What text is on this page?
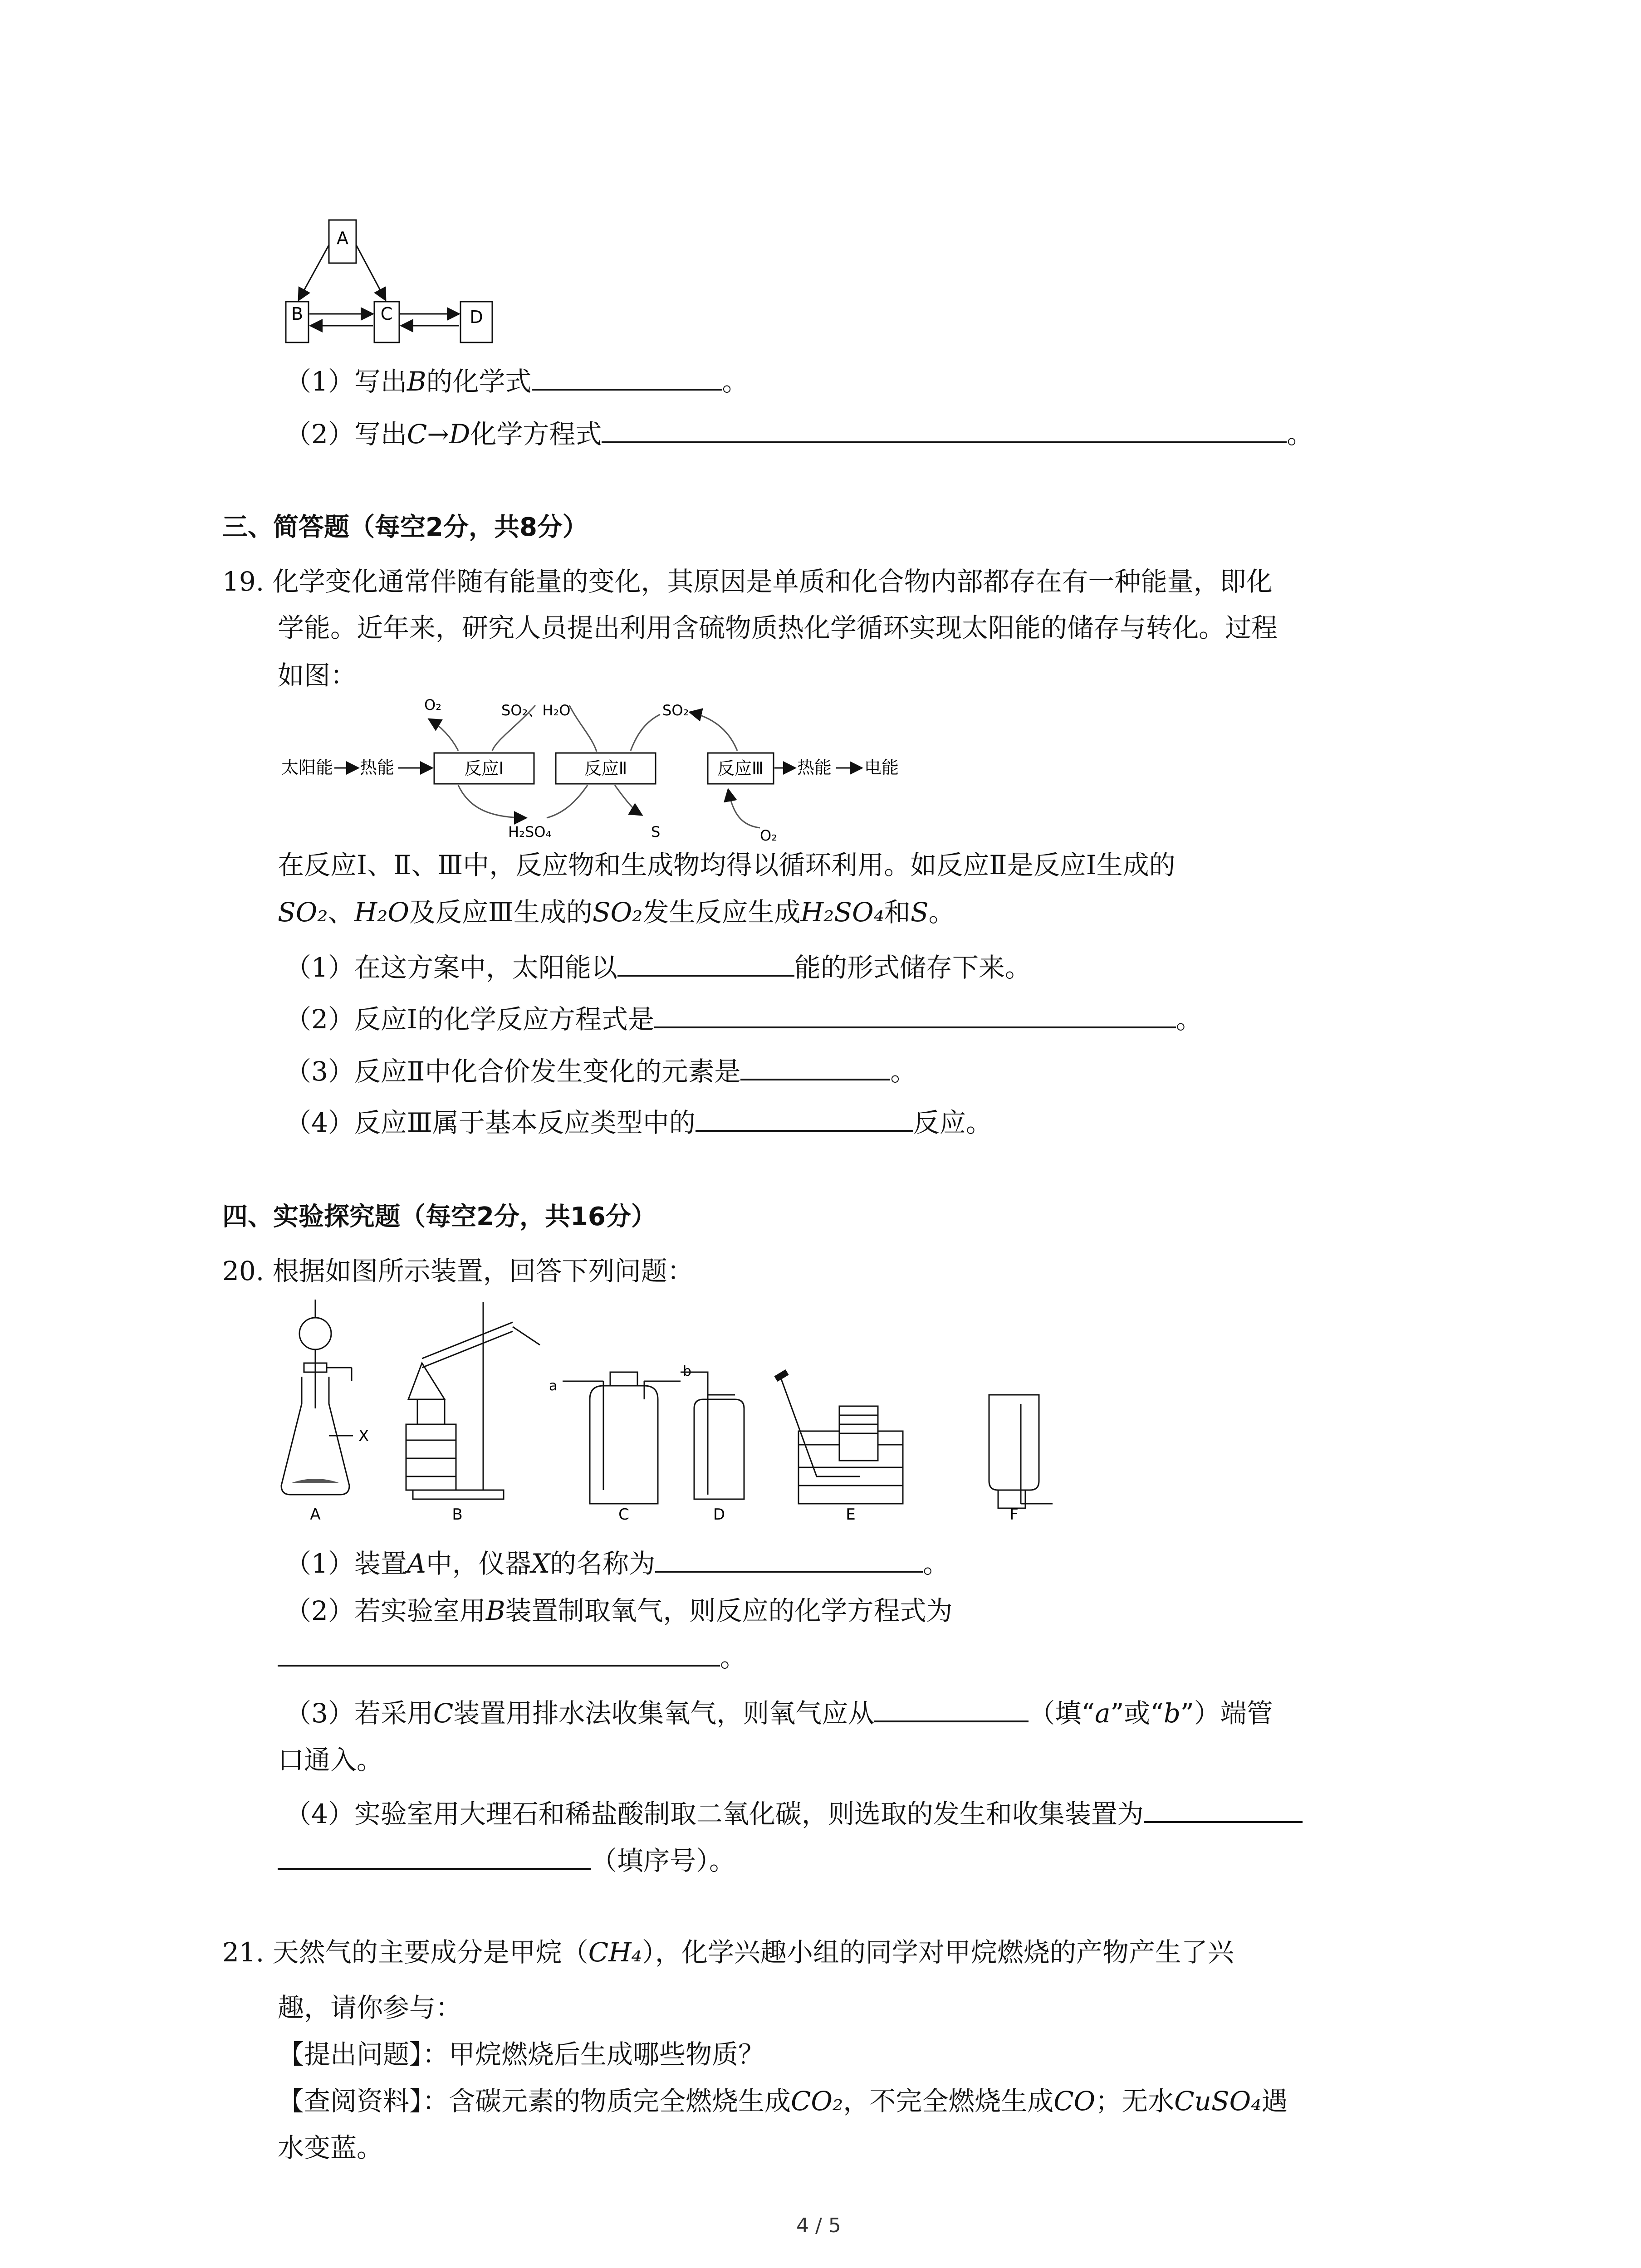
A
B	C	D
（1）写出B的化学式	。
（2）写出C→D化学方程式	。
三、简答题（每空2分，共8分）
19. 化学变化通常伴随有能量的变化，其原因是单质和化合物内部都存在有一种能量，即化
学能。近年来，研究人员提出利用含硫物质热化学循环实现太阳能的储存与转化。过程
如图：
太阳能 热能	反应Ⅰ	反应Ⅱ	反应Ⅲ 热能 电能
O₂	SO₂、H₂O	SO₂
H₂SO₄	S	O₂
在反应Ⅰ、Ⅱ、Ⅲ中，反应物和生成物均得以循环利用。如反应Ⅱ是反应Ⅰ生成的
SO₂、H₂O及反应Ⅲ生成的SO₂发生反应生成H₂SO₄和S。
（1）在这方案中，太阳能以	能的形式储存下来。
（2）反应Ⅰ的化学反应方程式是	。
（3）反应Ⅱ中化合价发生变化的元素是	。
（4）反应Ⅲ属于基本反应类型中的	反应。
四、实验探究题（每空2分，共16分）
20. 根据如图所示装置，回答下列问题：
X
A
a
B
b
C	D	E	F
（1）装置A中，仪器X的名称为	。
（2）若实验室用B装置制取氧气，则反应的化学方程式为
。
（3）若采用C装置用排水法收集氧气，则氧气应从	（填“a”或“b”）端管
口通入。
（4）实验室用大理石和稀盐酸制取二氧化碳，则选取的发生和收集装置为
（填序号）。
21. 天然气的主要成分是甲烷（CH₄），化学兴趣小组的同学对甲烷燃烧的产物产生了兴
趣，请你参与：
【提出问题】：甲烷燃烧后生成哪些物质？
【查阅资料】：含碳元素的物质完全燃烧生成CO₂，不完全燃烧生成CO；无水CuSO₄遇
水变蓝。
4 / 5
